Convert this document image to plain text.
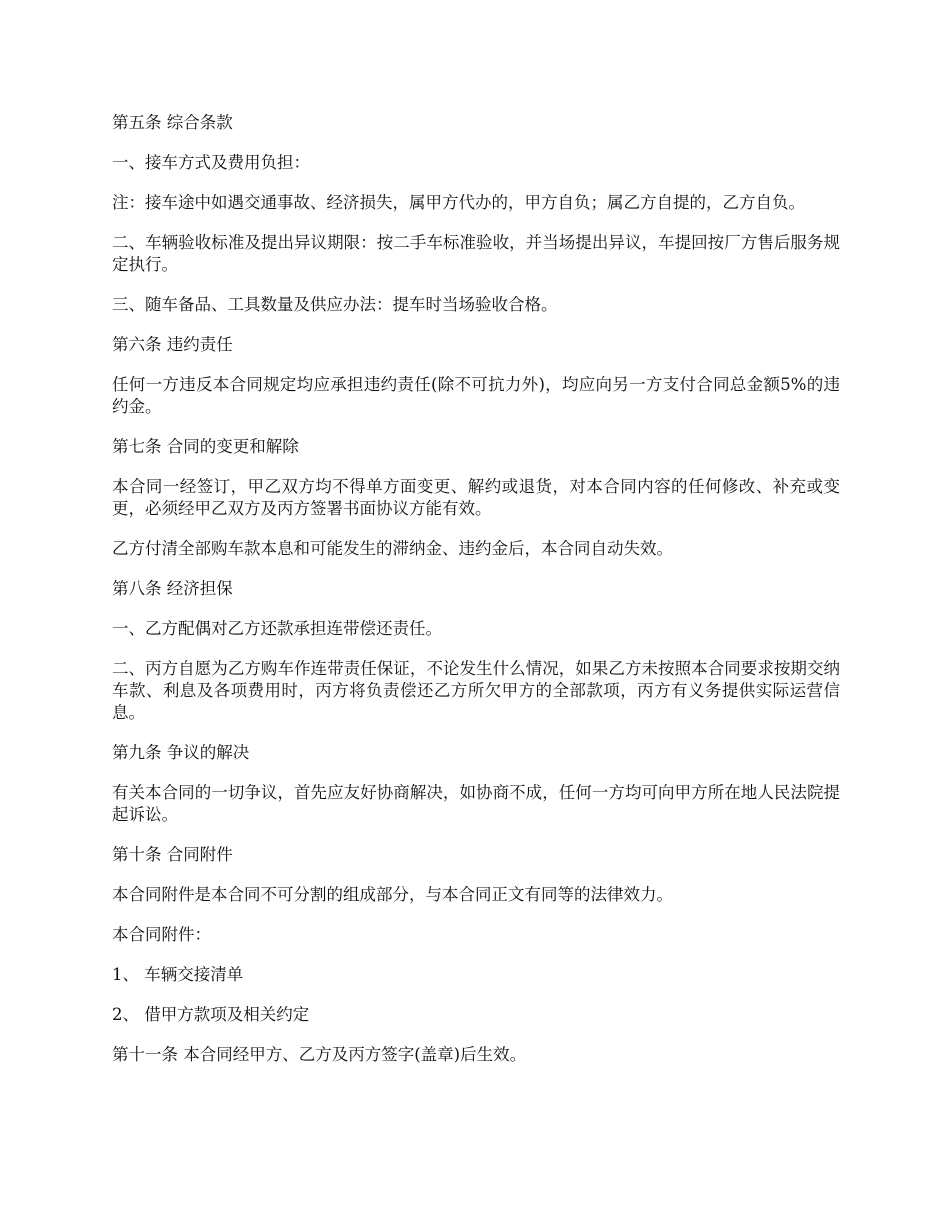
第五条 综合条款

一、接车方式及费用负担：

注：接车途中如遇交通事故、经济损失，属甲方代办的，甲方自负；属乙方自提的，乙方自负。

二、车辆验收标准及提出异议期限：按二手车标准验收，并当场提出异议，车提回按厂方售后服务规定执行。

三、随车备品、工具数量及供应办法：提车时当场验收合格。

第六条 违约责任

任何一方违反本合同规定均应承担违约责任(除不可抗力外)，均应向另一方支付合同总金额5%的违约金。

第七条 合同的变更和解除

本合同一经签订，甲乙双方均不得单方面变更、解约或退货，对本合同内容的任何修改、补充或变更，必须经甲乙双方及丙方签署书面协议方能有效。

乙方付清全部购车款本息和可能发生的滞纳金、违约金后，本合同自动失效。

第八条 经济担保

一、乙方配偶对乙方还款承担连带偿还责任。

二、丙方自愿为乙方购车作连带责任保证，不论发生什么情况，如果乙方未按照本合同要求按期交纳车款、利息及各项费用时，丙方将负责偿还乙方所欠甲方的全部款项，丙方有义务提供实际运营信息。

第九条 争议的解决

有关本合同的一切争议，首先应友好协商解决，如协商不成，任何一方均可向甲方所在地人民法院提起诉讼。

第十条 合同附件

本合同附件是本合同不可分割的组成部分，与本合同正文有同等的法律效力。

本合同附件：

1、 车辆交接清单

2、 借甲方款项及相关约定

第十一条 本合同经甲方、乙方及丙方签字(盖章)后生效。
